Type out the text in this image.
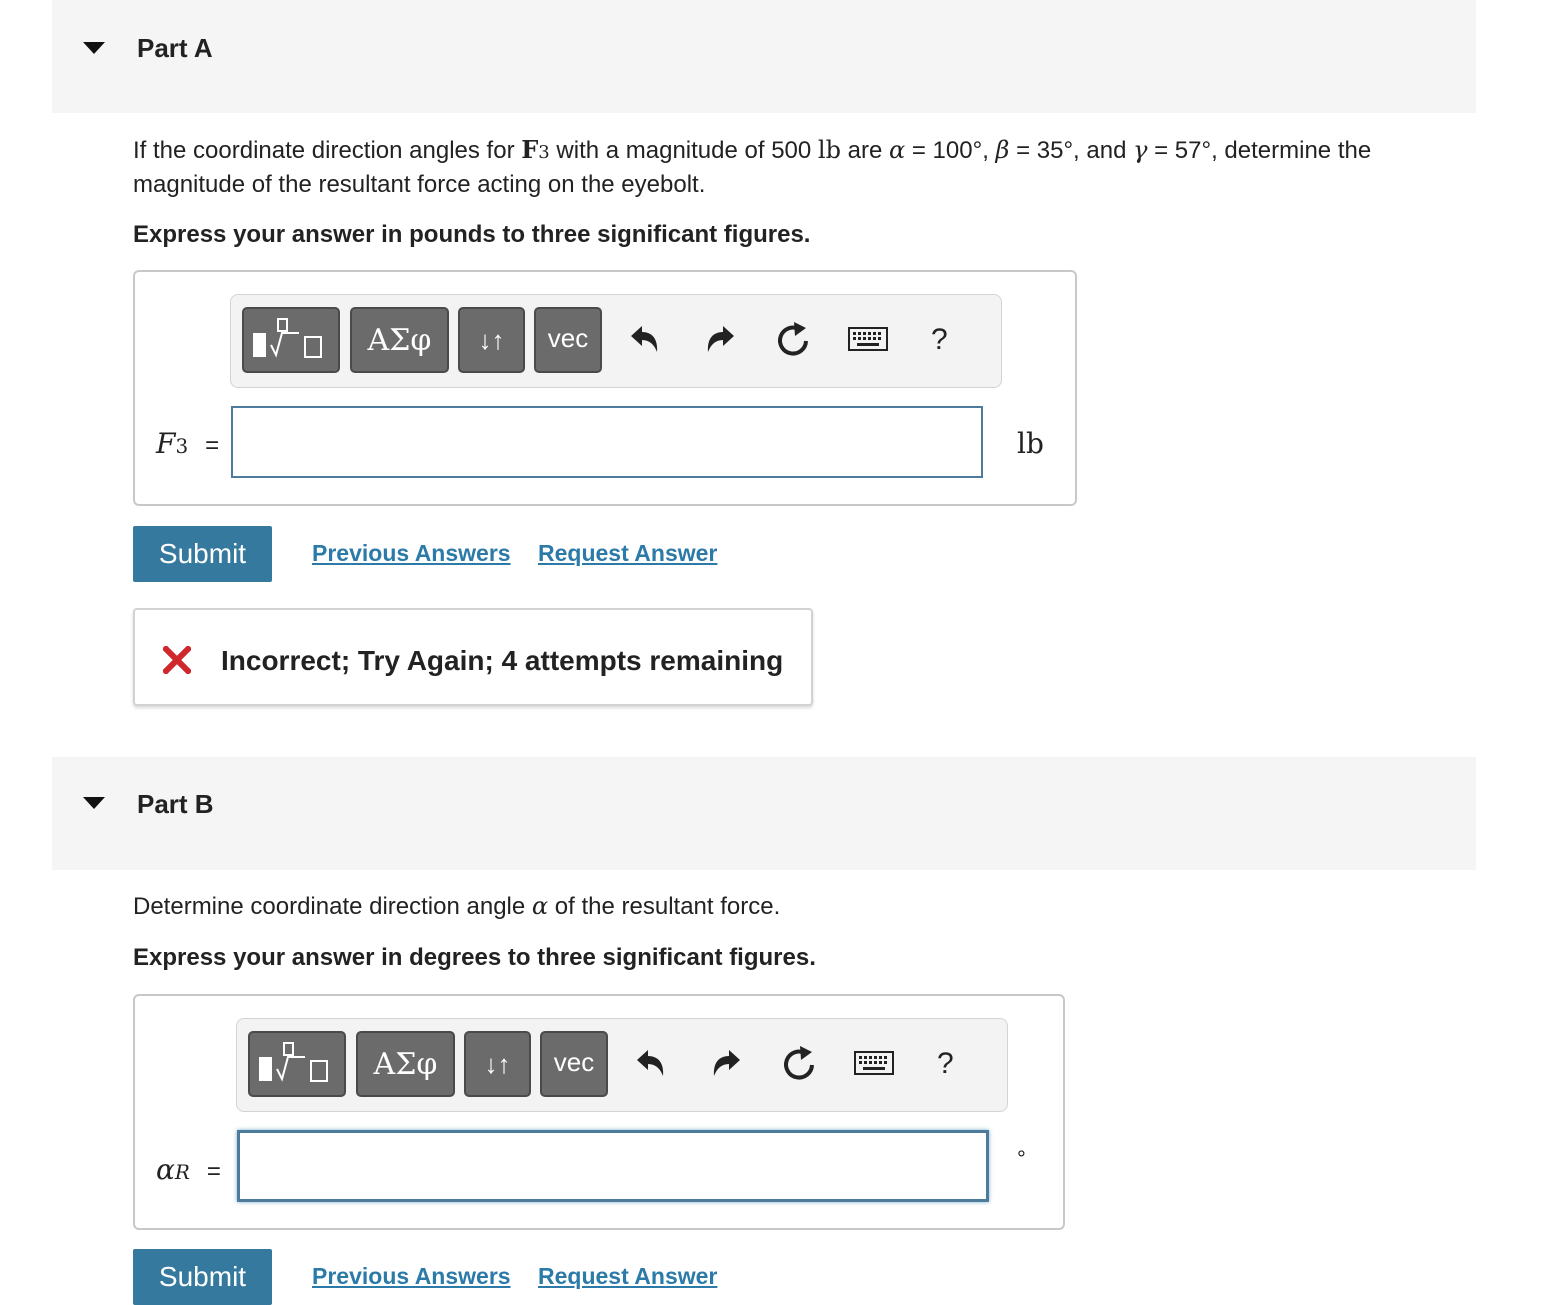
Part A
If the coordinate direction angles for F3 with a magnitude of 500 lb are α = 100°, β = 35°, and γ = 57°, determine the magnitude of the resultant force acting on the eyebolt.
Express your answer in pounds to three significant figures.
ΑΣφ	↓↑	vec	?
F3 =	lb
Submit	Previous Answers Request Answer
Incorrect; Try Again; 4 attempts remaining
Part B
Determine coordinate direction angle α of the resultant force.
Express your answer in degrees to three significant figures.
ΑΣφ	↓↑	vec	?
αR =	°
Submit	Previous Answers Request Answer
